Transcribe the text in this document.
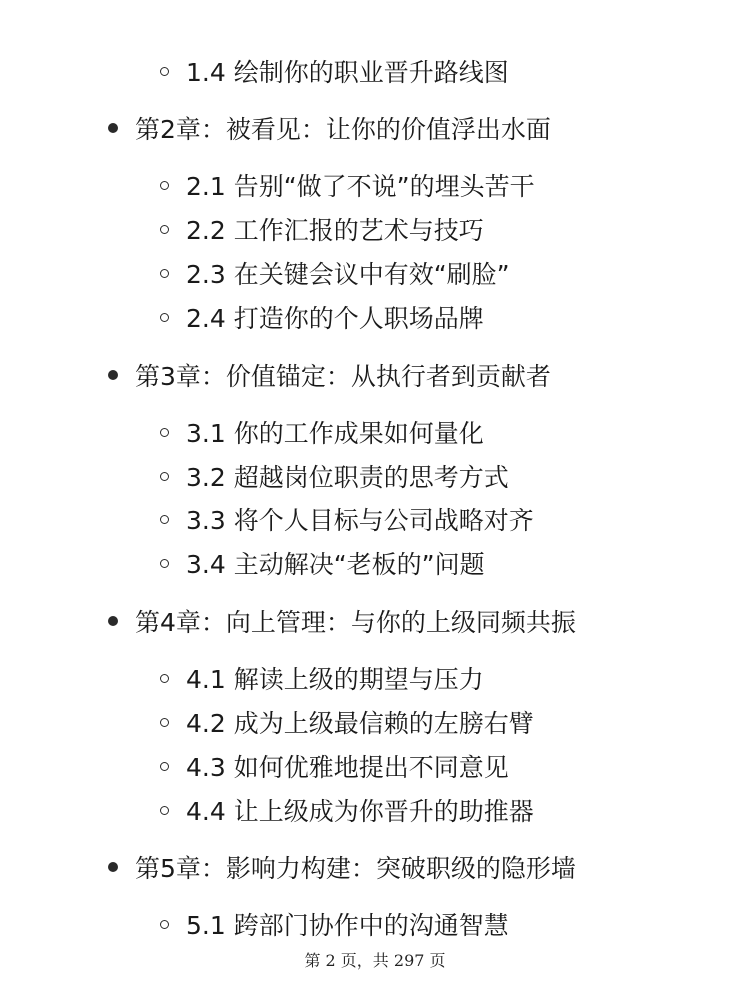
1.4 绘制你的职业晋升路线图
第2章：被看见：让你的价值浮出水面
2.1 告别“做了不说”的埋头苦干
2.2 工作汇报的艺术与技巧
2.3 在关键会议中有效“刷脸”
2.4 打造你的个人职场品牌
第3章：价值锚定：从执行者到贡献者
3.1 你的工作成果如何量化
3.2 超越岗位职责的思考方式
3.3 将个人目标与公司战略对齐
3.4 主动解决“老板的”问题
第4章：向上管理：与你的上级同频共振
4.1 解读上级的期望与压力
4.2 成为上级最信赖的左膀右臂
4.3 如何优雅地提出不同意见
4.4 让上级成为你晋升的助推器
第5章：影响力构建：突破职级的隐形墙
5.1 跨部门协作中的沟通智慧
第 2 页，共 297 页
